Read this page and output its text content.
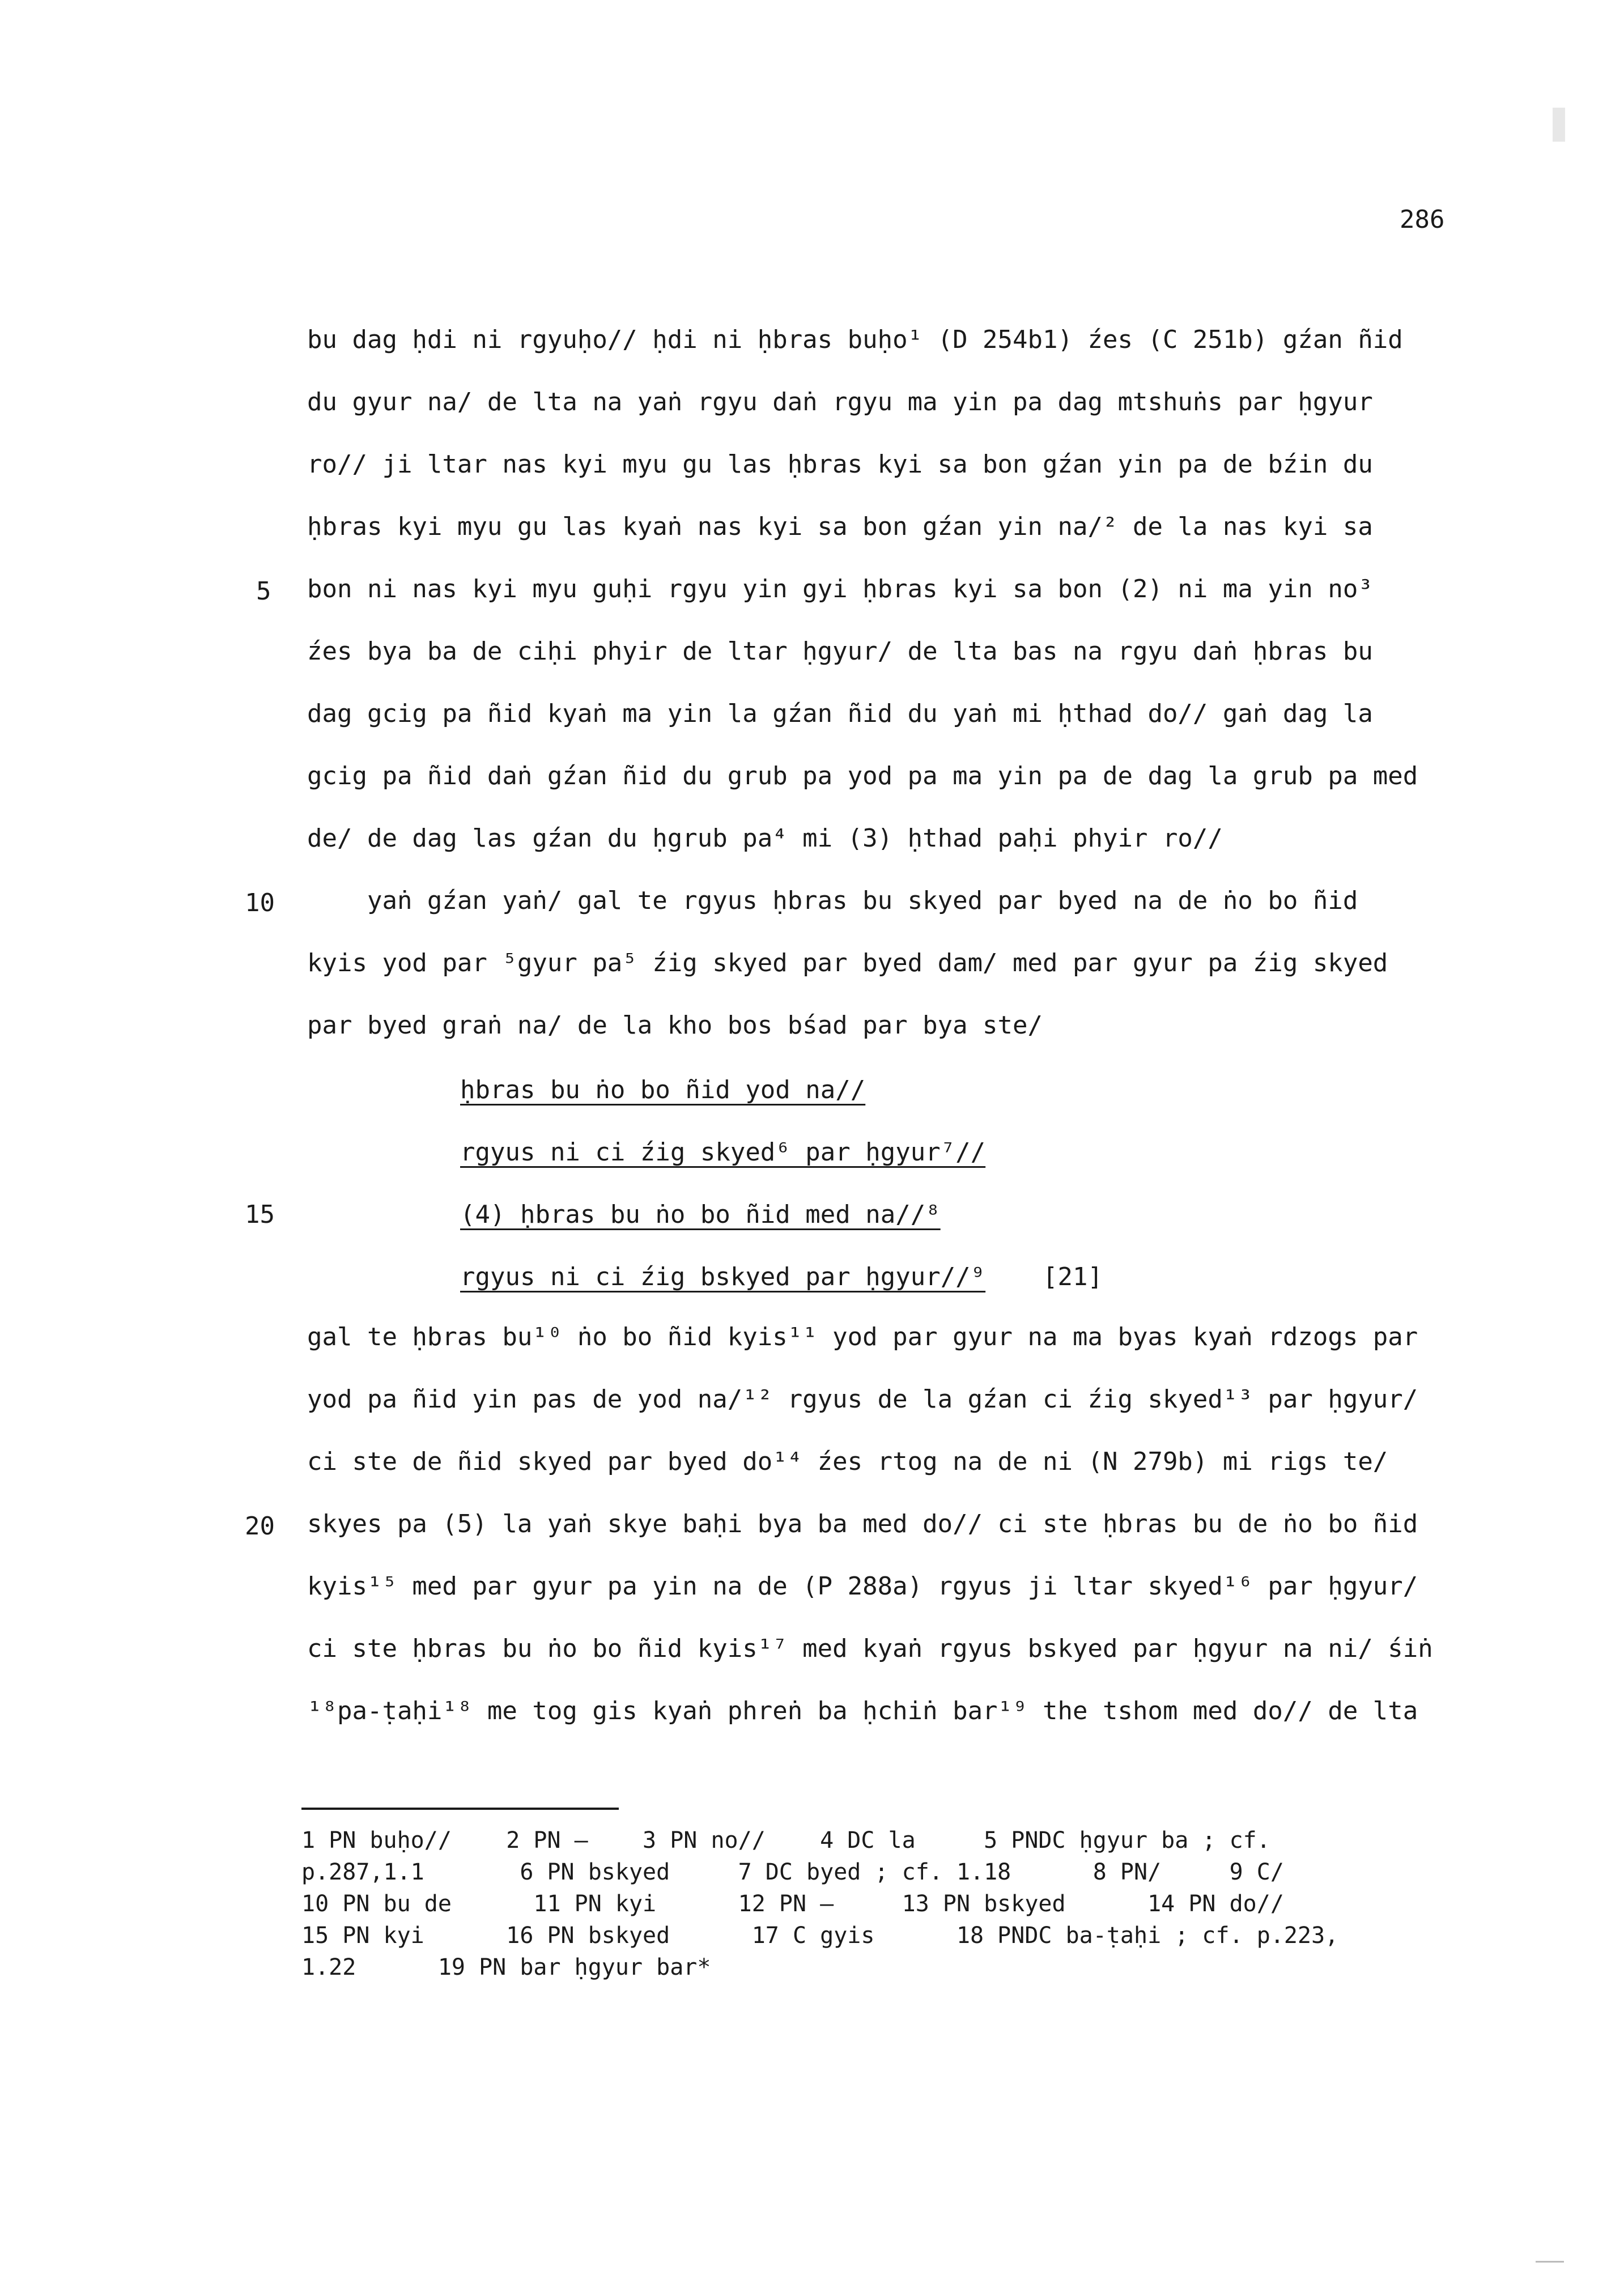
286
bu dag ḥdi ni rgyuḥo// ḥdi ni ḥbras buḥo¹ (D 254b1) źes (C 251b) gźan ñid
du gyur na/ de lta na yaṅ rgyu daṅ rgyu ma yin pa dag mtshuṅs par ḥgyur
ro// ji ltar nas kyi myu gu las ḥbras kyi sa bon gźan yin pa de bźin du
ḥbras kyi myu gu las kyaṅ nas kyi sa bon gźan yin na/² de la nas kyi sa
bon ni nas kyi myu guḥi rgyu yin gyi ḥbras kyi sa bon (2) ni ma yin no³
źes bya ba de ciḥi phyir de ltar ḥgyur/ de lta bas na rgyu daṅ ḥbras bu
dag gcig pa ñid kyaṅ ma yin la gźan ñid du yaṅ mi ḥthad do// gaṅ dag la
gcig pa ñid daṅ gźan ñid du grub pa yod pa ma yin pa de dag la grub pa med
de/ de dag las gźan du ḥgrub pa⁴ mi (3) ḥthad paḥi phyir ro//
yaṅ gźan yaṅ/ gal te rgyus ḥbras bu skyed par byed na de ṅo bo ñid
kyis yod par ⁵gyur pa⁵ źig skyed par byed dam/ med par gyur pa źig skyed
par byed graṅ na/ de la kho bos bśad par bya ste/
ḥbras bu ṅo bo ñid yod na//
rgyus ni ci źig skyed⁶ par ḥgyur⁷//
(4) ḥbras bu ṅo bo ñid med na//⁸
rgyus ni ci źig bskyed par ḥgyur//⁹ [21]
gal te ḥbras bu¹⁰ ṅo bo ñid kyis¹¹ yod par gyur na ma byas kyaṅ rdzogs par
yod pa ñid yin pas de yod na/¹² rgyus de la gźan ci źig skyed¹³ par ḥgyur/
ci ste de ñid skyed par byed do¹⁴ źes rtog na de ni (N 279b) mi rigs te/
skyes pa (5) la yaṅ skye baḥi bya ba med do// ci ste ḥbras bu de ṅo bo ñid
kyis¹⁵ med par gyur pa yin na de (P 288a) rgyus ji ltar skyed¹⁶ par ḥgyur/
ci ste ḥbras bu ṅo bo ñid kyis¹⁷ med kyaṅ rgyus bskyed par ḥgyur na ni/ śiṅ
¹⁸pa-ṭaḥi¹⁸ me tog gis kyaṅ phreṅ ba ḥchiṅ bar¹⁹ the tshom med do// de lta
5
10
15
20
1 PN buḥo//    2 PN —    3 PN no//    4 DC la     5 PNDC ḥgyur ba ; cf.
p.287,1.1       6 PN bskyed     7 DC byed ; cf. 1.18      8 PN/     9 C/
10 PN bu de      11 PN kyi      12 PN —     13 PN bskyed      14 PN do//
15 PN kyi      16 PN bskyed      17 C gyis      18 PNDC ba-ṭaḥi ; cf. p.223,
1.22      19 PN bar ḥgyur bar*
